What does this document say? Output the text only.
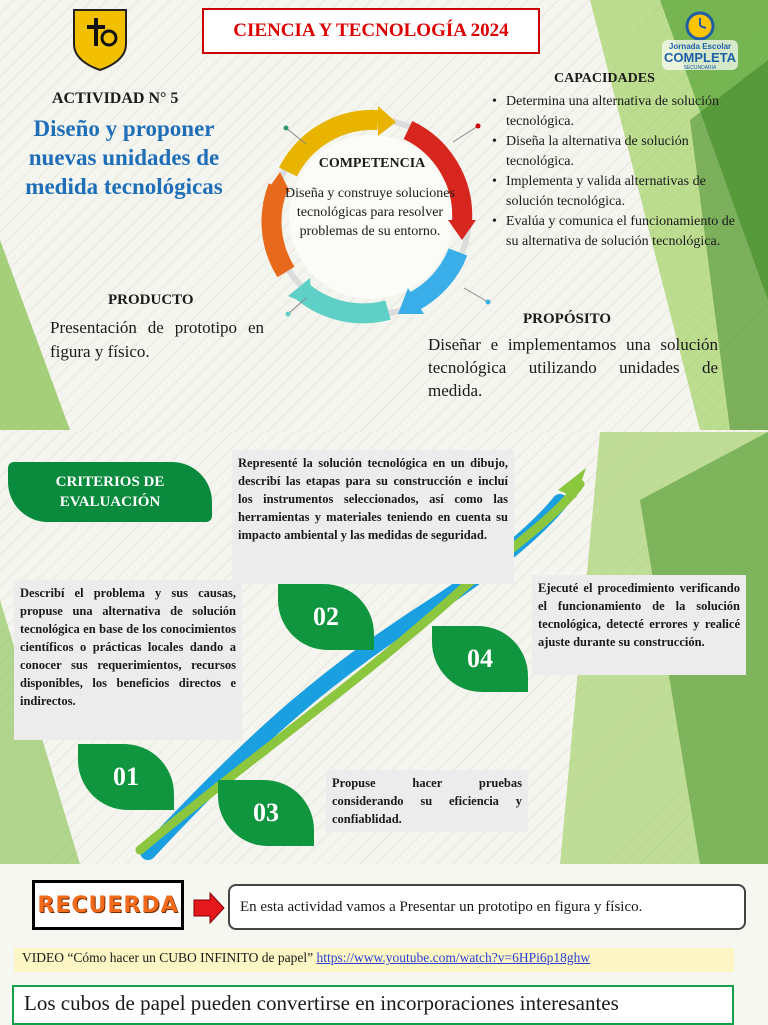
Jornada Escolar
COMPLETA
SECUNDARIA
CIENCIA Y TECNOLOGÍA 2024
ACTIVIDAD N° 5
Diseño y proponer nuevas unidades de medida tecnológicas
CAPACIDADES
• Determina una alternativa de solución tecnológica.
• Diseña la alternativa de solución tecnológica.
• Implementa y valida alternativas de solución tecnológica.
• Evalúa y comunica el funcionamiento de su alternativa de solución tecnológica.
COMPETENCIA
Diseña y construye soluciones tecnológicas para resolver problemas de su entorno.
PRODUCTO
Presentación de prototipo en figura y físico.
PROPÓSITO
Diseñar e implementamos una solución tecnológica utilizando unidades de medida.
CRITERIOS DE EVALUACIÓN
Describí el problema y sus causas, propuse una alternativa de solución tecnológica en base de los conocimientos científicos o prácticas locales dando a conocer sus requerimientos, recursos disponibles, los beneficios directos e indirectos.
Representé la solución tecnológica en un dibujo, describí las etapas para su construcción e incluí los instrumentos seleccionados, así como las herramientas y materiales teniendo en cuenta su impacto ambiental y las medidas de seguridad.
Propuse hacer pruebas considerando su eficiencia y confiablidad.
Ejecuté el procedimiento verificando el funcionamiento de la solución tecnológica, detecté errores y realicé ajuste durante su construcción.
01
02
03
04
RECUERDA	En esta actividad vamos a Presentar un prototipo en figura y físico.
VIDEO “Cómo hacer un CUBO INFINITO de papel” https://www.youtube.com/watch?v=6HPi6p18ghw
Los cubos de papel pueden convertirse en incorporaciones interesantes
